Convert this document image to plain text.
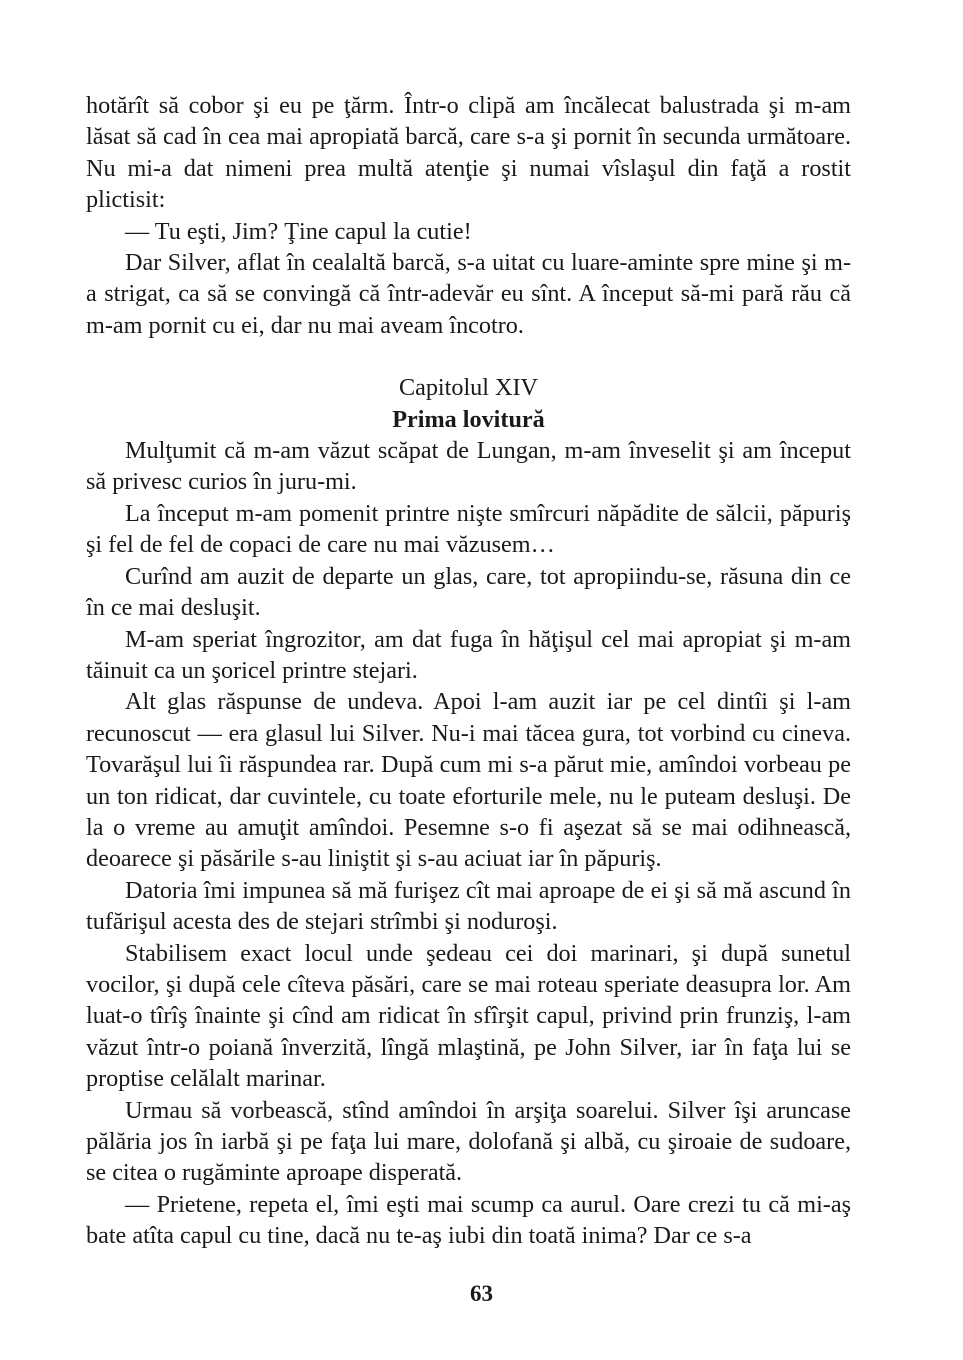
hotărît să cobor şi eu pe ţărm. Într-o clipă am încălecat balustrada şi m-am lăsat să cad în cea mai apropiată barcă, care s-a şi pornit în secunda următoare. Nu mi-a dat nimeni prea multă atenţie şi numai vîslaşul din faţă a rostit plictisit:

— Tu eşti, Jim? Ţine capul la cutie!

Dar Silver, aflat în cealaltă barcă, s-a uitat cu luare-aminte spre mine şi m-a strigat, ca să se convingă că într-adevăr eu sînt. A început să-mi pară rău că m-am pornit cu ei, dar nu mai aveam încotro.

Capitolul XIV
Prima lovitură

Mulţumit că m-am văzut scăpat de Lungan, m-am înveselit şi am început să privesc curios în juru-mi.

La început m-am pomenit printre nişte smîrcuri năpădite de sălcii, păpuriş şi fel de fel de copaci de care nu mai văzusem…

Curînd am auzit de departe un glas, care, tot apropiindu-se, răsuna din ce în ce mai desluşit.

M-am speriat îngrozitor, am dat fuga în hăţişul cel mai apropiat şi m-am tăinuit ca un şoricel printre stejari.

Alt glas răspunse de undeva. Apoi l-am auzit iar pe cel dintîi şi l-am recunoscut — era glasul lui Silver. Nu-i mai tăcea gura, tot vorbind cu cineva. Tovarăşul lui îi răspundea rar. După cum mi s-a părut mie, amîndoi vorbeau pe un ton ridicat, dar cuvintele, cu toate eforturile mele, nu le puteam desluşi. De la o vreme au amuţit amîndoi. Pesemne s-o fi aşezat să se mai odihnească, deoarece şi păsările s-au liniştit şi s-au aciuat iar în păpuriş.

Datoria îmi impunea să mă furişez cît mai aproape de ei şi să mă ascund în tufărişul acesta des de stejari strîmbi şi noduroşi.

Stabilisem exact locul unde şedeau cei doi marinari, şi după sunetul vocilor, şi după cele cîteva păsări, care se mai roteau speriate deasupra lor. Am luat-o tîrîş înainte şi cînd am ridicat în sfîrşit capul, privind prin frunziş, l-am văzut într-o poiană înverzită, lîngă mlaştină, pe John Silver, iar în faţa lui se proptise celălalt marinar.

Urmau să vorbească, stînd amîndoi în arşiţa soarelui. Silver îşi aruncase pălăria jos în iarbă şi pe faţa lui mare, dolofană şi albă, cu şiroaie de sudoare, se citea o rugăminte aproape disperată.

— Prietene, repeta el, îmi eşti mai scump ca aurul. Oare crezi tu că mi-aş bate atîta capul cu tine, dacă nu te-aş iubi din toată inima? Dar ce s-a

63
